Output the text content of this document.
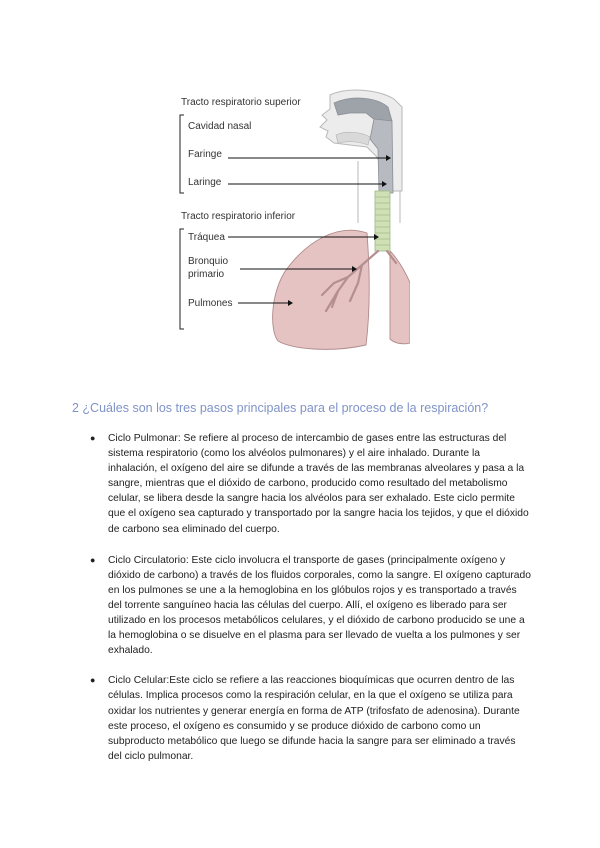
Tracto respiratorio superior
Cavidad nasal
Faringe
Laringe
Tracto respiratorio inferior
Tráquea
Bronquio
primario
Pulmones
2 ¿Cuáles son los tres pasos principales para el proceso de la respiración?
● Ciclo Pulmonar: Se refiere al proceso de intercambio de gases entre las estructuras del sistema respiratorio (como los alvéolos pulmonares) y el aire inhalado. Durante la inhalación, el oxígeno del aire se difunde a través de las membranas alveolares y pasa a la sangre, mientras que el dióxido de carbono, producido como resultado del metabolismo celular, se libera desde la sangre hacia los alvéolos para ser exhalado. Este ciclo permite que el oxígeno sea capturado y transportado por la sangre hacia los tejidos, y que el dióxido de carbono sea eliminado del cuerpo.
● Ciclo Circulatorio: Este ciclo involucra el transporte de gases (principalmente oxígeno y dióxido de carbono) a través de los fluidos corporales, como la sangre. El oxígeno capturado en los pulmones se une a la hemoglobina en los glóbulos rojos y es transportado a través del torrente sanguíneo hacia las células del cuerpo. Allí, el oxígeno es liberado para ser utilizado en los procesos metabólicos celulares, y el dióxido de carbono producido se une a la hemoglobina o se disuelve en el plasma para ser llevado de vuelta a los pulmones y ser exhalado.
● Ciclo Celular:Este ciclo se refiere a las reacciones bioquímicas que ocurren dentro de las células. Implica procesos como la respiración celular, en la que el oxígeno se utiliza para oxidar los nutrientes y generar energía en forma de ATP (trifosfato de adenosina). Durante este proceso, el oxígeno es consumido y se produce dióxido de carbono como un subproducto metabólico que luego se difunde hacia la sangre para ser eliminado a través del ciclo pulmonar.
